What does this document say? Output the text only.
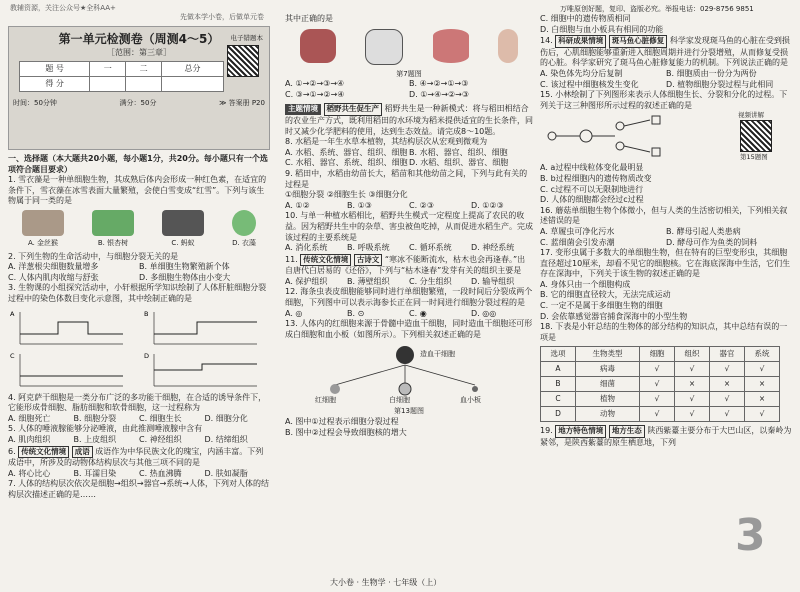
教辅资源，关注公众号★全科AA+
先做本学小卷，后做单元卷
万唯原创好题，复印、盗版必究。举报电话：029-8756 9851
第一单元检测卷（周测4～5）
［范围：第三章］
题 号	一	二	总分
得 分			
电子错题本
时间：50分钟	满分：50分	≫ 答案册 P20
一、选择题（本大题共20小题，每小题1分，共20分。每小题只有一个选项符合题目要求）
1. 雪衣藻是一种单细胞生物，其成熟后体内会形成一种红色素，在适宜的条件下，雪衣藻在冰雪表面大量繁殖，会使白雪变成“红雪”。下列与该生物属于同一类的是
A. 金丝猴	B. 银杏树	C. 蚂蚁	D. 衣藻
2. 下列生物的生命活动中，与细胞分裂无关的是
A. 洋葱根尖细胞数量增多	B. 单细胞生物繁殖新个体
C. 人体内肌肉收缩与舒张	D. 多细胞生物体由小变大
3. 生物课的小组探究活动中，小轩根据所学知识绘制了人体肝脏细胞分裂过程中的染色体数目变化示意图，其中绘制正确的是
A	B
C	D
4. 阿克萨干细胞是一类分布广泛的多功能干细胞，在合适的诱导条件下，它能形成骨细胞、脂肪细胞和软骨细胞，这一过程称为
A. 细胞死亡	B. 细胞分裂	C. 细胞生长	D. 细胞分化
5. 人体的唾液腺能够分泌唾液，由此推测唾液腺中含有
A. 肌肉组织	B. 上皮组织	C. 神经组织	D. 结缔组织
6. 传统文化情境 成语 成语作为中华民族文化的瑰宝，内涵丰富。下列成语中，所涉及的动物体结构层次与其他三项不同的是
A. 将心比心	B. 耳濡目染	C. 热血沸腾	D. 肤如凝脂
7. 人体的结构层次依次是细胞→组织→器官→系统→人体，下列对人体的结构层次描述正确的是……
其中正确的是
第7题图
A. ①→②→③→④	B. ④→②→①→③
C. ③→①→②→④	D. ①→④→②→③
主题情境 稻野共生促生产 稻野共生是一种新模式：将与稻田相结合的农业生产方式，既利用稻田的水环境为稻米提供适宜的生长条件，同时又减少化学肥料的使用，达到生态效益。请完成8～10题。
8. 水稻是一年生水草本植物，其结构层次从宏观到微观为
A. 水稻、系统、器官、组织、细胞 B. 水稻、器官、组织、细胞
C. 水稻、器官、系统、组织、细胞 D. 水稻、组织、器官、细胞
9. 稻田中，水稻由幼苗长大，稻苗和其他幼苗之间，下列与此有关的过程是
①细胞分裂 ②细胞生长 ③细胞分化
A. ①②	B. ①③	C. ②③	D. ①②③
10. 与单一种植水稻相比，稻野共生模式一定程度上提高了农民的收益。因为稻野共生中的杂草、害虫被鱼吃掉，从而促进水稻生产。完成该过程的主要系统是
A. 消化系统	B. 呼吸系统	C. 循环系统	D. 神经系统
11. 传统文化情境 古诗文 “寒冰不能断流水，枯木也会再逢春。”出自唐代白居易的《还俗》，下列与“枯木逢春”发芽有关的组织主要是
A. 保护组织	B. 薄壁组织	C. 分生组织	D. 输导组织
12. 海条虫表皮细胞能够同时进行单细胞繁殖，一段时间后分裂成两个细胞，下列图中可以表示海参长正在同一时间进行细胞分裂过程的是
A. ◎	B. ⊙	C. ◉	D. ◎◎
13. 人体内的红细胞来源于骨髓中造血干细胞，同时造血干细胞还可形成白细胞和血小板（如图所示）。下列相关叙述正确的是
造血干细胞
红细胞	白细胞	血小板
第13题图
A. 图中①过程表示细胞分裂过程
B. 图中②过程会导致细胞核的增大
C. 细胞中的遗传物质相同
D. 白细胞与血小板具有相同的功能
14. 科研成果情境 斑马鱼心脏修复 科学家发现斑马鱼的心脏在受到损伤后，心肌细胞能够重新进入细胞周期并进行分裂增殖，从而修复受损的心脏。科学家研究了斑马鱼心脏修复能力的机制。下列说法正确的是
A. 染色体先均分后复制	B. 细胞质由一份分为两份
C. 该过程中细胞核发生变化	D. 植物细胞分裂过程与此相同
15. 小林绘制了下列图形来表示人体细胞生长、分裂和分化的过程。下列关于这三种图形所示过程的叙述正确的是
视频讲解
第15题图
A. a过程中线粒体变化最明显
B. b过程细胞内的遗传物质改变
C. c过程不可以无限制地进行
D. 人体的细胞都会经过c过程
16. 蘑菇单细胞生物个体微小，但与人类的生活密切相关，下列相关叙述错误的是
A. 草履虫可净化污水	B. 酵母引起人类患病
C. 蓝细菌会引发赤潮	D. 酵母可作为鱼类的饲料
17. 变形虫属于多数大的单细胞生物，但在特有的巨型变形虫，其细胞直径超过10厘米，却看不见它的细胞核。它在海底深海中生活，它们生存在深海中，下列关于该生物的叙述正确的是
A. 身体只由一个细胞构成
B. 它的细胞直径较大，无法完成运动
C. 一定不是属于多细胞生物的细胞
D. 会依靠感觉器官捕食深海中的小型生物
18. 下表是小轩总结的生物体的部分结构的知识点，其中总结有误的一项是
选项	生物类型	细胞	组织	器官	系统
A	病毒	√	√	√	√
B	细菌	√	×	×	×
C	植物	√	√	√	×
D	动物	√	√	√	√
19. 地方特色情境 地方生态 陕西紫薹主要分布于大巴山区，以秦岭为紧邻，是陕西紫薹的原生栖息地，下列
3
大小卷 · 生物学 · 七年级（上）
